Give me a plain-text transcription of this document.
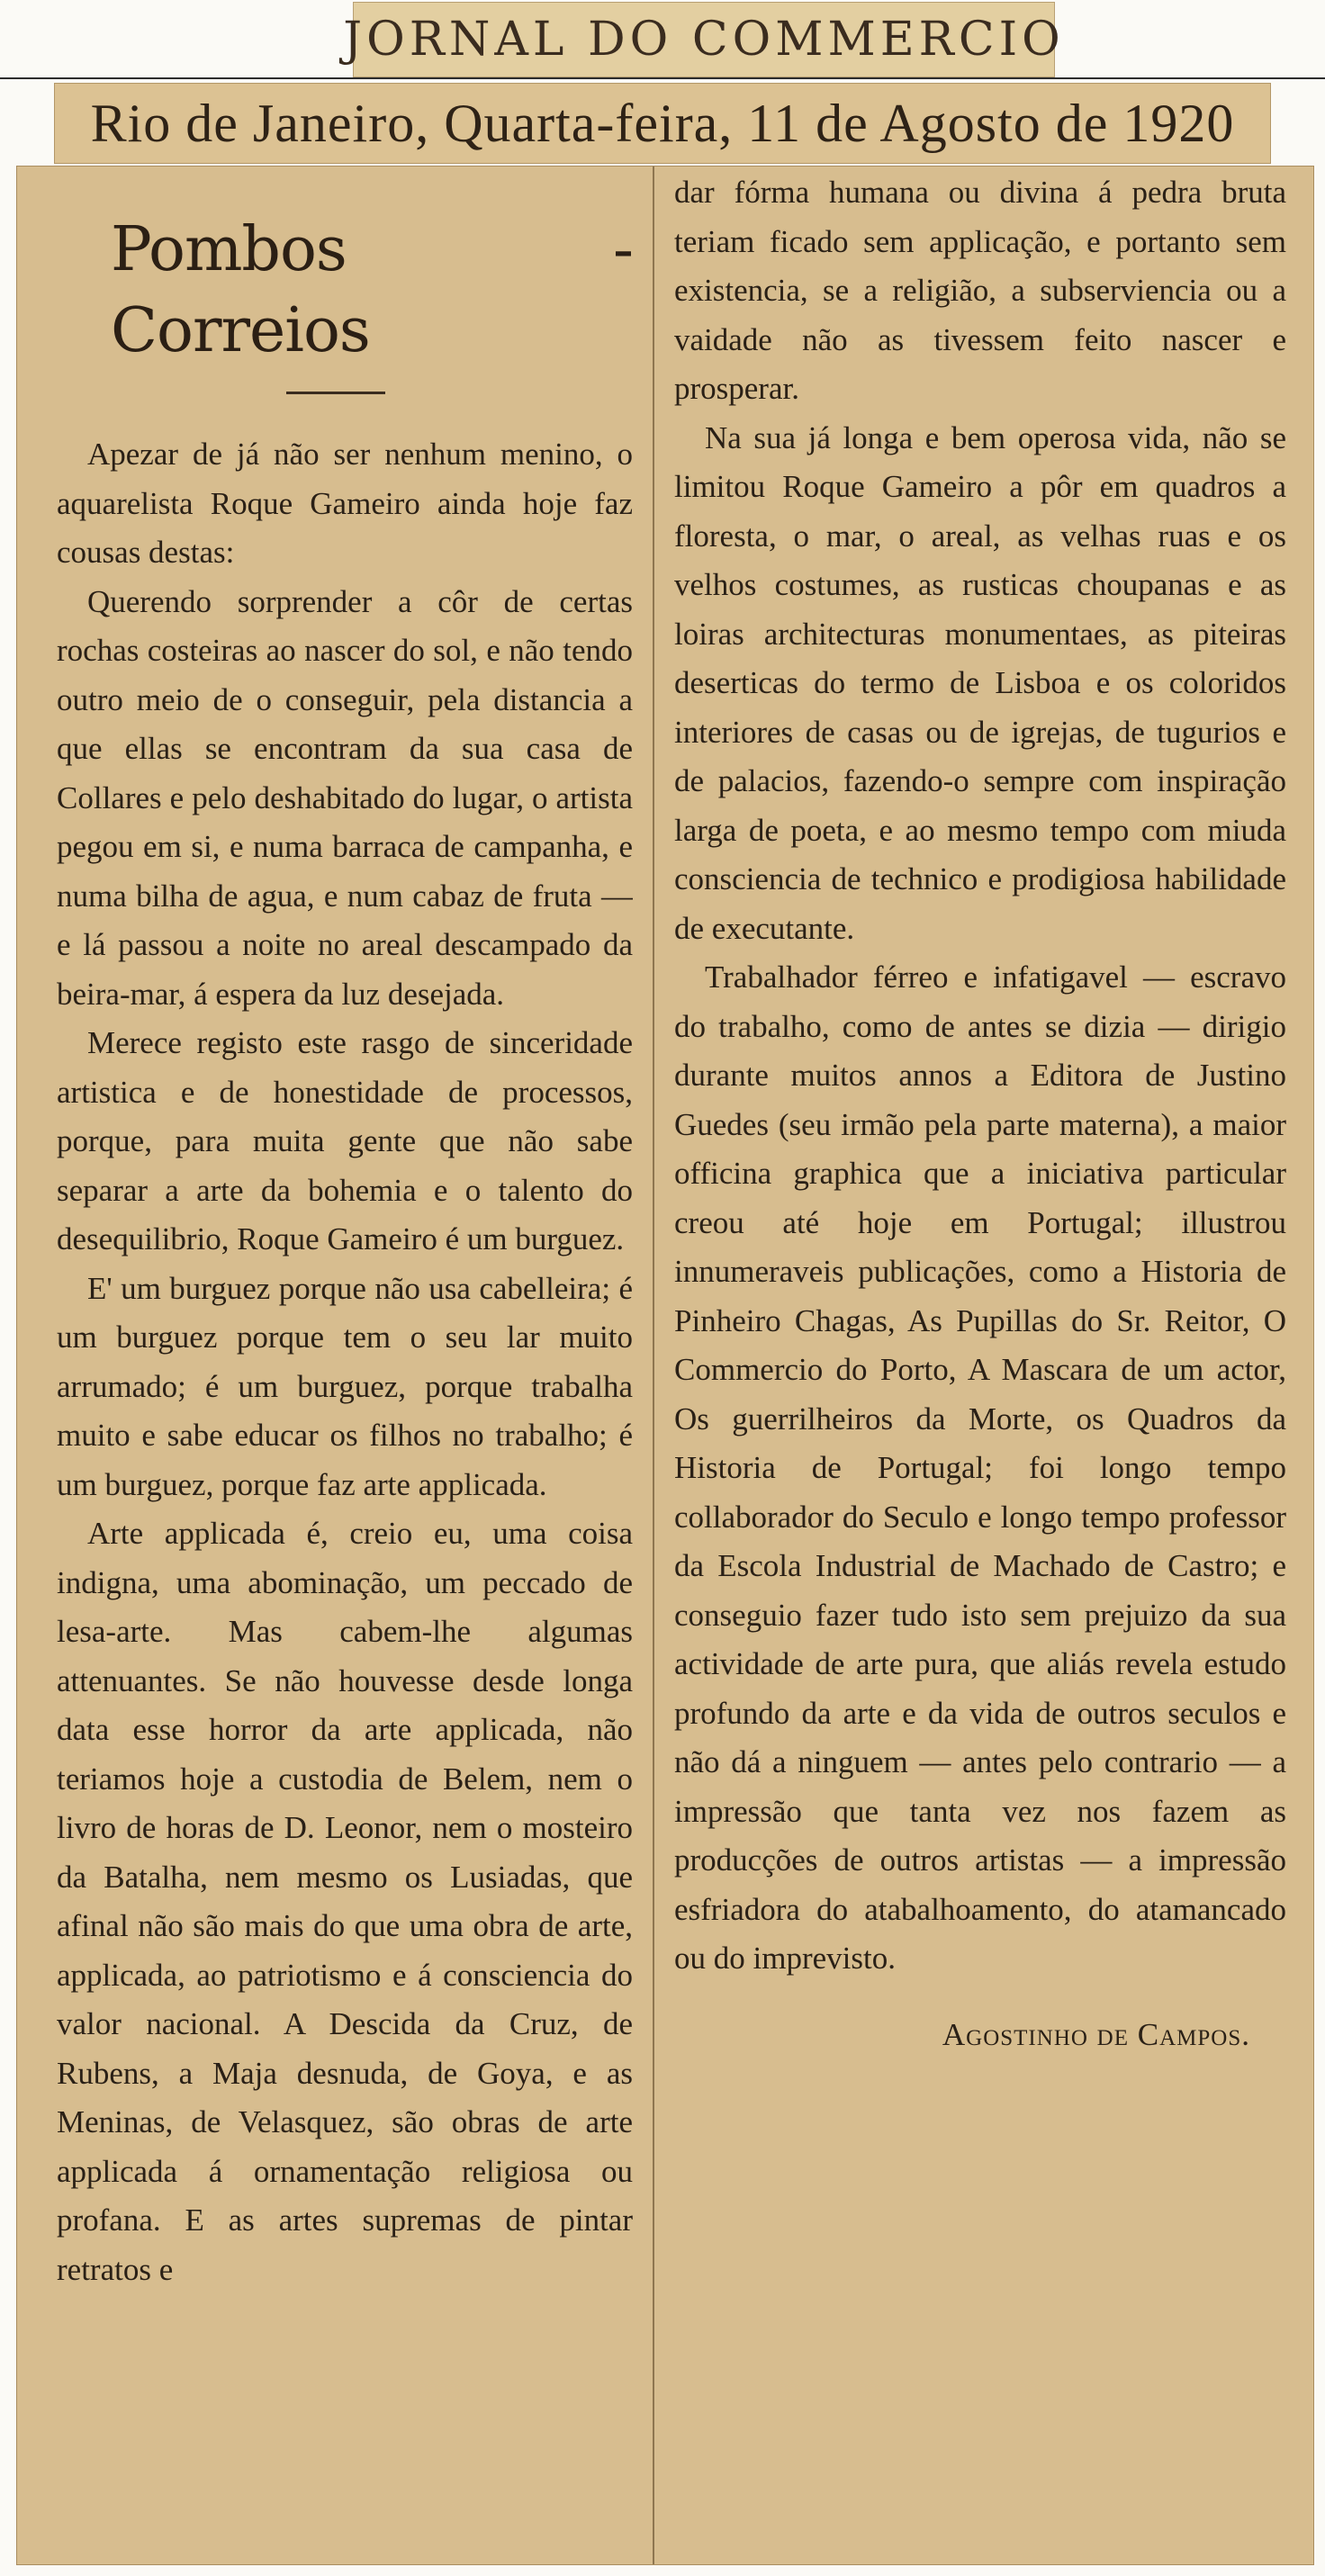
JORNAL DO COMMERCIO
Rio de Janeiro, Quarta-feira, 11 de Agosto de 1920
Pombos - Correios

Apezar de já não ser nenhum menino, o aquarelista Roque Gameiro ainda hoje faz cousas destas:

Querendo sorprender a côr de certas rochas costeiras ao nascer do sol, e não tendo outro meio de o conseguir, pela distancia a que ellas se encontram da sua casa de Collares e pelo deshabitado do lugar, o artista pegou em si, e numa barraca de campanha, e numa bilha de agua, e num cabaz de fruta — e lá passou a noite no areal descampado da beira-mar, á espera da luz desejada.

Merece registo este rasgo de sinceridade artistica e de honestidade de processos, porque, para muita gente que não sabe separar a arte da bohemia e o talento do desequilibrio, Roque Gameiro é um burguez.

E' um burguez porque não usa cabelleira; é um burguez porque tem o seu lar muito arrumado; é um burguez, porque trabalha muito e sabe educar os filhos no trabalho; é um burguez, porque faz arte applicada.

Arte applicada é, creio eu, uma coisa indigna, uma abominação, um peccado de lesa-arte. Mas cabem-lhe algumas attenuantes. Se não houvesse desde longa data esse horror da arte applicada, não teriamos hoje a custodia de Belem, nem o livro de horas de D. Leonor, nem o mosteiro da Batalha, nem mesmo os Lusiadas, que afinal não são mais do que uma obra de arte, applicada, ao patriotismo e á consciencia do valor nacional. A Descida da Cruz, de Rubens, a Maja desnuda, de Goya, e as Meninas, de Velasquez, são obras de arte applicada á ornamentação religiosa ou profana. E as artes supremas de pintar retratos e

dar fórma humana ou divina á pedra bruta teriam ficado sem applicação, e portanto sem existencia, se a religião, a subserviencia ou a vaidade não as tivessem feito nascer e prosperar.

Na sua já longa e bem operosa vida, não se limitou Roque Gameiro a pôr em quadros a floresta, o mar, o areal, as velhas ruas e os velhos costumes, as rusticas choupanas e as loiras architecturas monumentaes, as piteiras deserticas do termo de Lisboa e os coloridos interiores de casas ou de igrejas, de tugurios e de palacios, fazendo-o sempre com inspiração larga de poeta, e ao mesmo tempo com miuda consciencia de technico e prodigiosa habilidade de executante.

Trabalhador férreo e infatigavel — escravo do trabalho, como de antes se dizia — dirigio durante muitos annos a Editora de Justino Guedes (seu irmão pela parte materna), a maior officina graphica que a iniciativa particular creou até hoje em Portugal; illustrou innumeraveis publicações, como a Historia de Pinheiro Chagas, As Pupillas do Sr. Reitor, O Commercio do Porto, A Mascara de um actor, Os guerrilheiros da Morte, os Quadros da Historia de Portugal; foi longo tempo collaborador do Seculo e longo tempo professor da Escola Industrial de Machado de Castro; e conseguio fazer tudo isto sem prejuizo da sua actividade de arte pura, que aliás revela estudo profundo da arte e da vida de outros seculos e não dá a ninguem — antes pelo contrario — a impressão que tanta vez nos fazem as producções de outros artistas — a impressão esfriadora do atabalhoamento, do atamancado ou do imprevisto.

Agostinho de Campos.
